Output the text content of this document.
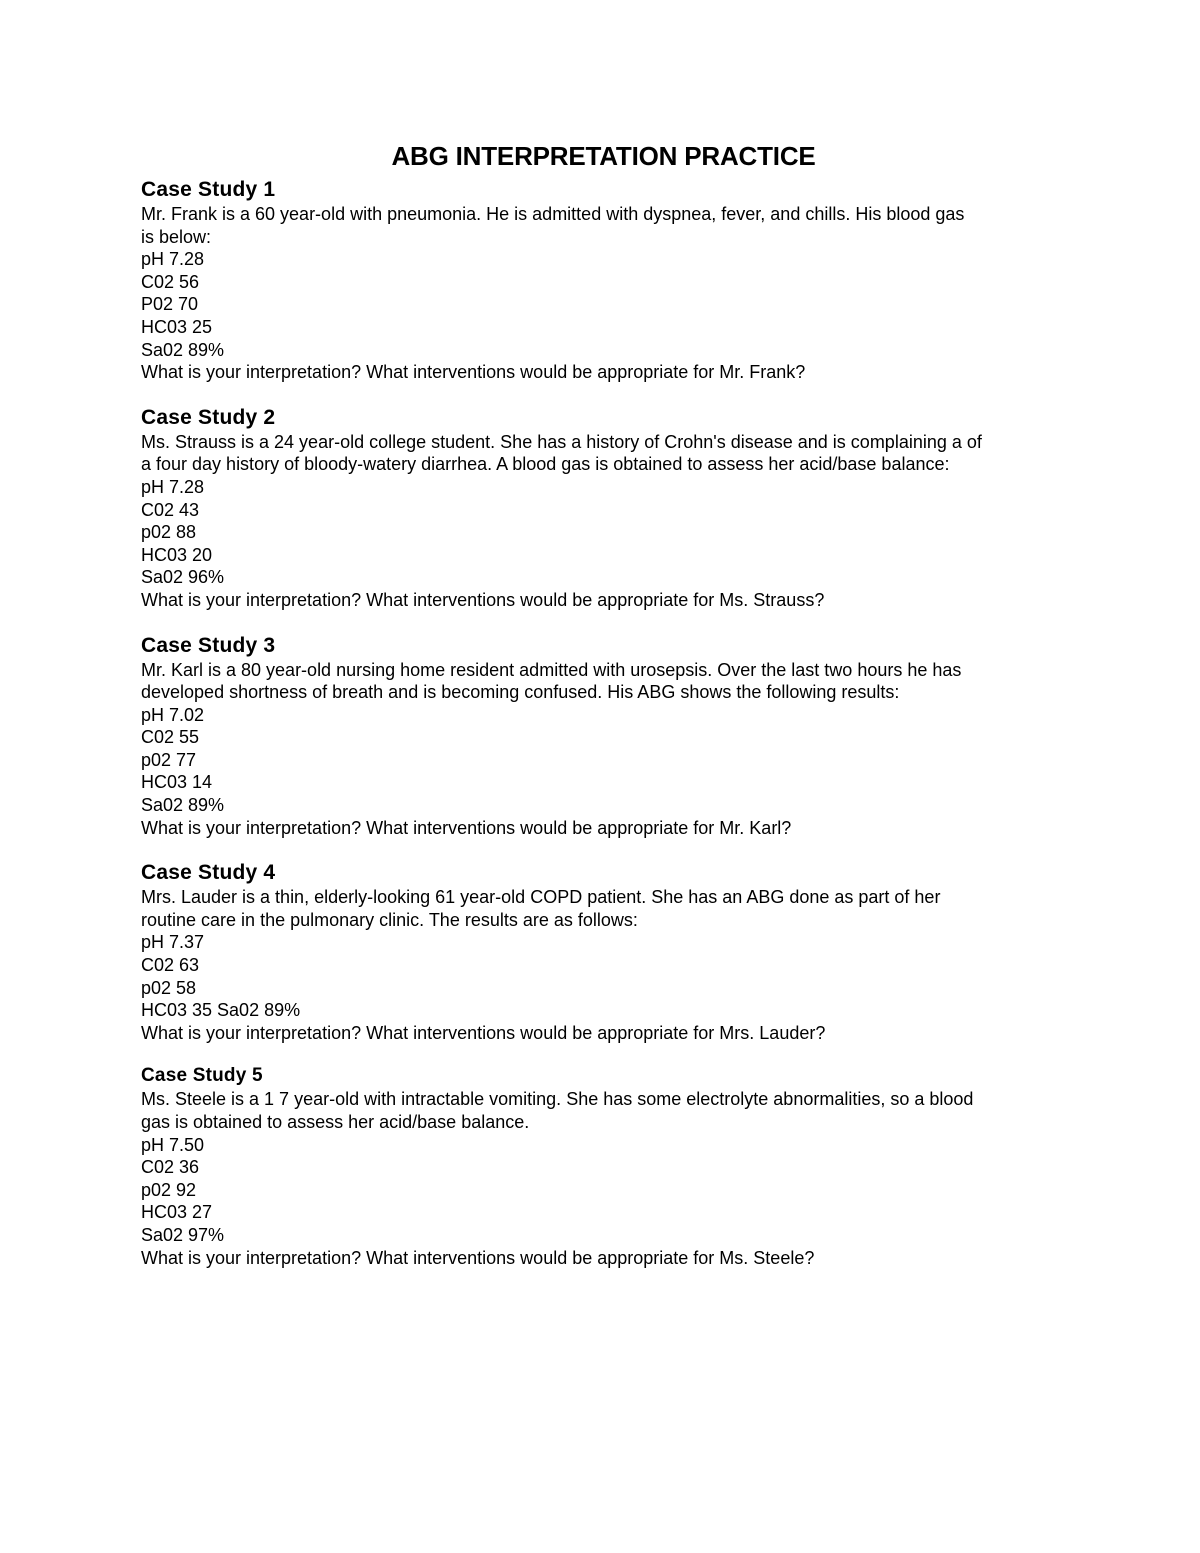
ABG INTERPRETATION PRACTICE
Case Study 1

Mr. Frank is a 60 year-old with pneumonia. He is admitted with dyspnea, fever, and chills. His blood gas

is below:

pH 7.28

C02 56

P02 70

HC03 25

Sa02 89%

What is your interpretation? What interventions would be appropriate for Mr. Frank?

Case Study 2

Ms. Strauss is a 24 year-old college student. She has a history of Crohn's disease and is complaining a of

a four day history of bloody-watery diarrhea. A blood gas is obtained to assess her acid/base balance:

pH 7.28

C02 43

p02 88

HC03 20

Sa02 96%

What is your interpretation? What interventions would be appropriate for Ms. Strauss?

Case Study 3

Mr. Karl is a 80 year-old nursing home resident admitted with urosepsis. Over the last two hours he has

developed shortness of breath and is becoming confused. His ABG shows the following results:

pH 7.02

C02 55

p02 77

HC03 14

Sa02 89%

What is your interpretation? What interventions would be appropriate for Mr. Karl?

Case Study 4

Mrs. Lauder is a thin, elderly-looking 61 year-old COPD patient. She has an ABG done as part of her

routine care in the pulmonary clinic. The results are as follows:

pH 7.37

C02 63

p02 58

HC03 35 Sa02 89%

What is your interpretation? What interventions would be appropriate for Mrs. Lauder?

Case Study 5

Ms. Steele is a 1 7 year-old with intractable vomiting. She has some electrolyte abnormalities, so a blood

gas is obtained to assess her acid/base balance.

pH 7.50

C02 36

p02 92

HC03 27

Sa02 97%

What is your interpretation? What interventions would be appropriate for Ms. Steele?
